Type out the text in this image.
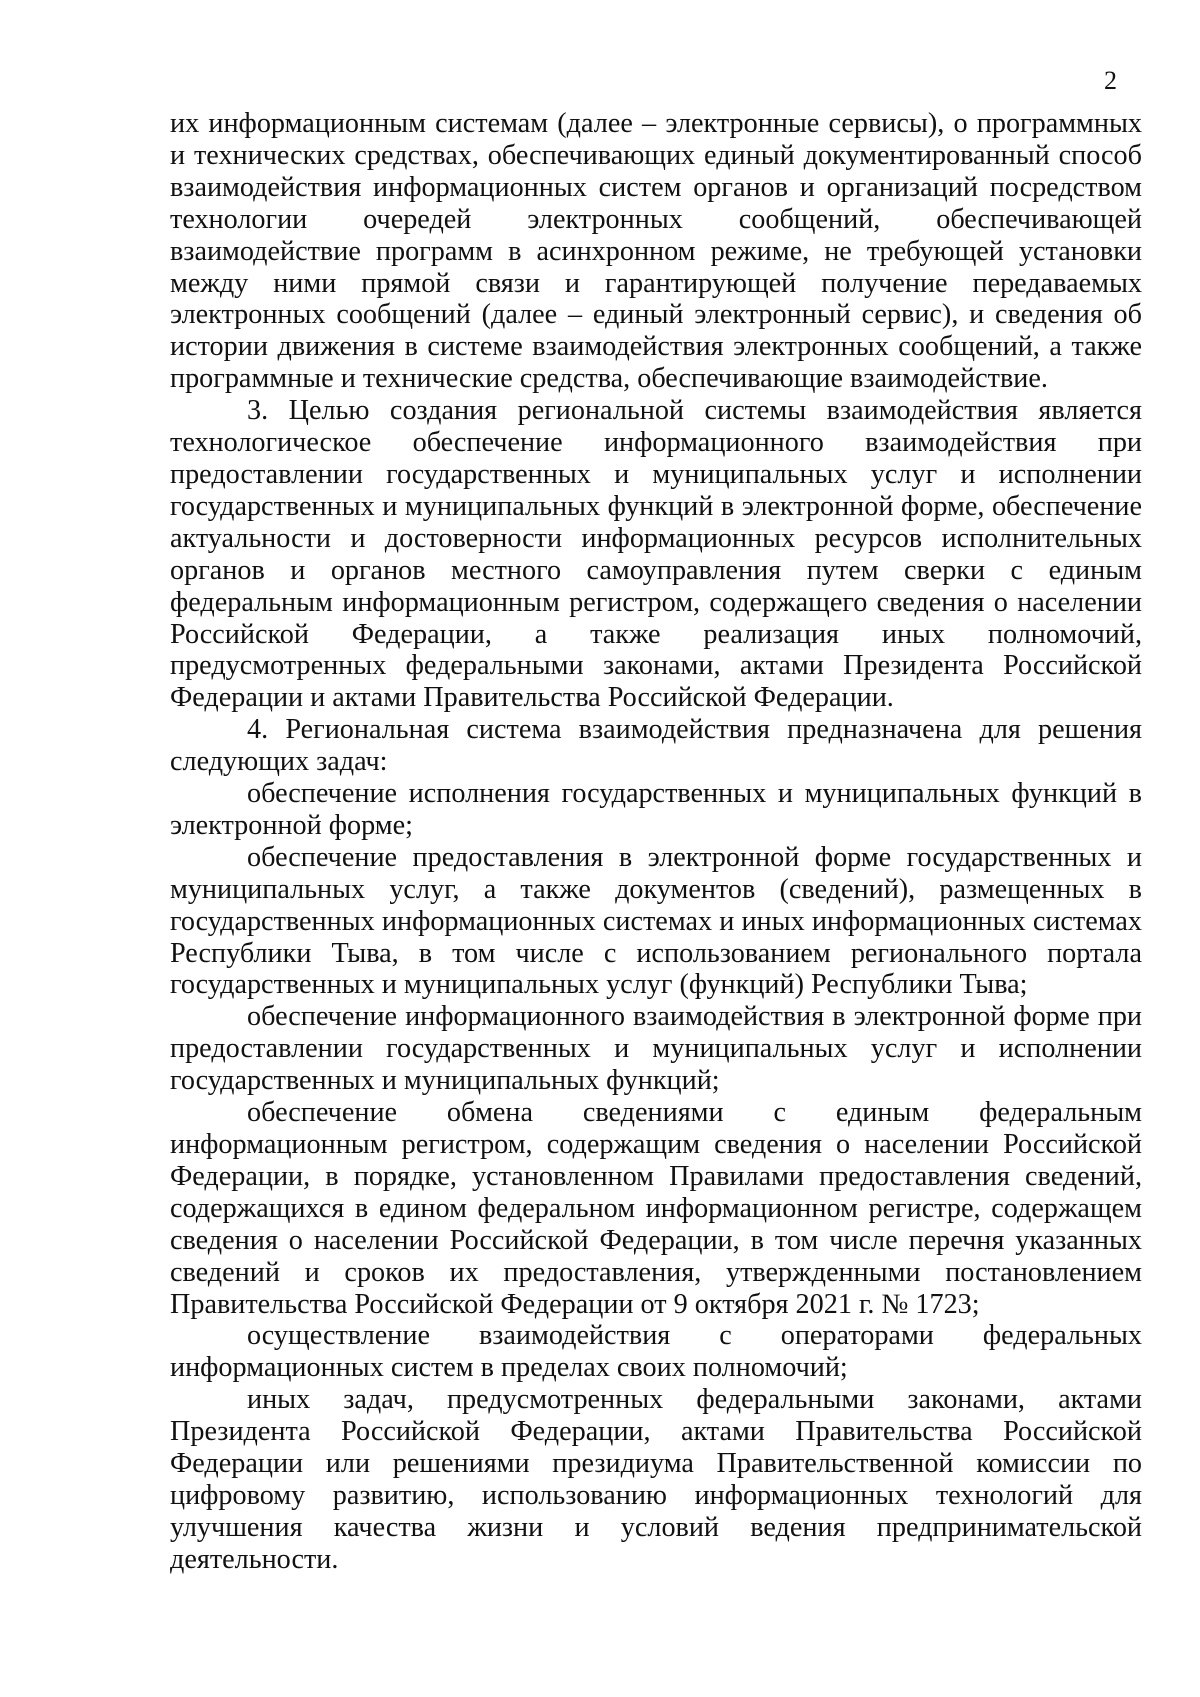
2

их информационным системам (далее – электронные сервисы), о программных и технических средствах, обеспечивающих единый документированный способ взаимодействия информационных систем органов и организаций посредством технологии очередей электронных сообщений, обеспечивающей взаимодействие программ в асинхронном режиме, не требующей установки между ними прямой связи и гарантирующей получение передаваемых электронных сообщений (далее – единый электронный сервис), и сведения об истории движения в системе взаимодействия электронных сообщений, а также программные и технические средства, обеспечивающие взаимодействие.

3. Целью создания региональной системы взаимодействия является технологическое обеспечение информационного взаимодействия при предоставлении государственных и муниципальных услуг и исполнении государственных и муниципальных функций в электронной форме, обеспечение актуальности и достоверности информационных ресурсов исполнительных органов и органов местного самоуправления путем сверки с единым федеральным информационным регистром, содержащего сведения о населении Российской Федерации, а также реализация иных полномочий, предусмотренных федеральными законами, актами Президента Российской Федерации и актами Правительства Российской Федерации.

4. Региональная система взаимодействия предназначена для решения следующих задач:

обеспечение исполнения государственных и муниципальных функций в электронной форме;

обеспечение предоставления в электронной форме государственных и муниципальных услуг, а также документов (сведений), размещенных в государственных информационных системах и иных информационных системах Республики Тыва, в том числе с использованием регионального портала государственных и муниципальных услуг (функций) Республики Тыва;

обеспечение информационного взаимодействия в электронной форме при предоставлении государственных и муниципальных услуг и исполнении государственных и муниципальных функций;

обеспечение обмена сведениями с единым федеральным информационным регистром, содержащим сведения о населении Российской Федерации, в порядке, установленном Правилами предоставления сведений, содержащихся в едином федеральном информационном регистре, содержащем сведения о населении Российской Федерации, в том числе перечня указанных сведений и сроков их предоставления, утвержденными постановлением Правительства Российской Федерации от 9 октября 2021 г. № 1723;

осуществление взаимодействия с операторами федеральных информационных систем в пределах своих полномочий;

иных задач, предусмотренных федеральными законами, актами Президента Российской Федерации, актами Правительства Российской Федерации или решениями президиума Правительственной комиссии по цифровому развитию, использованию информационных технологий для улучшения качества жизни и условий ведения предпринимательской деятельности.
